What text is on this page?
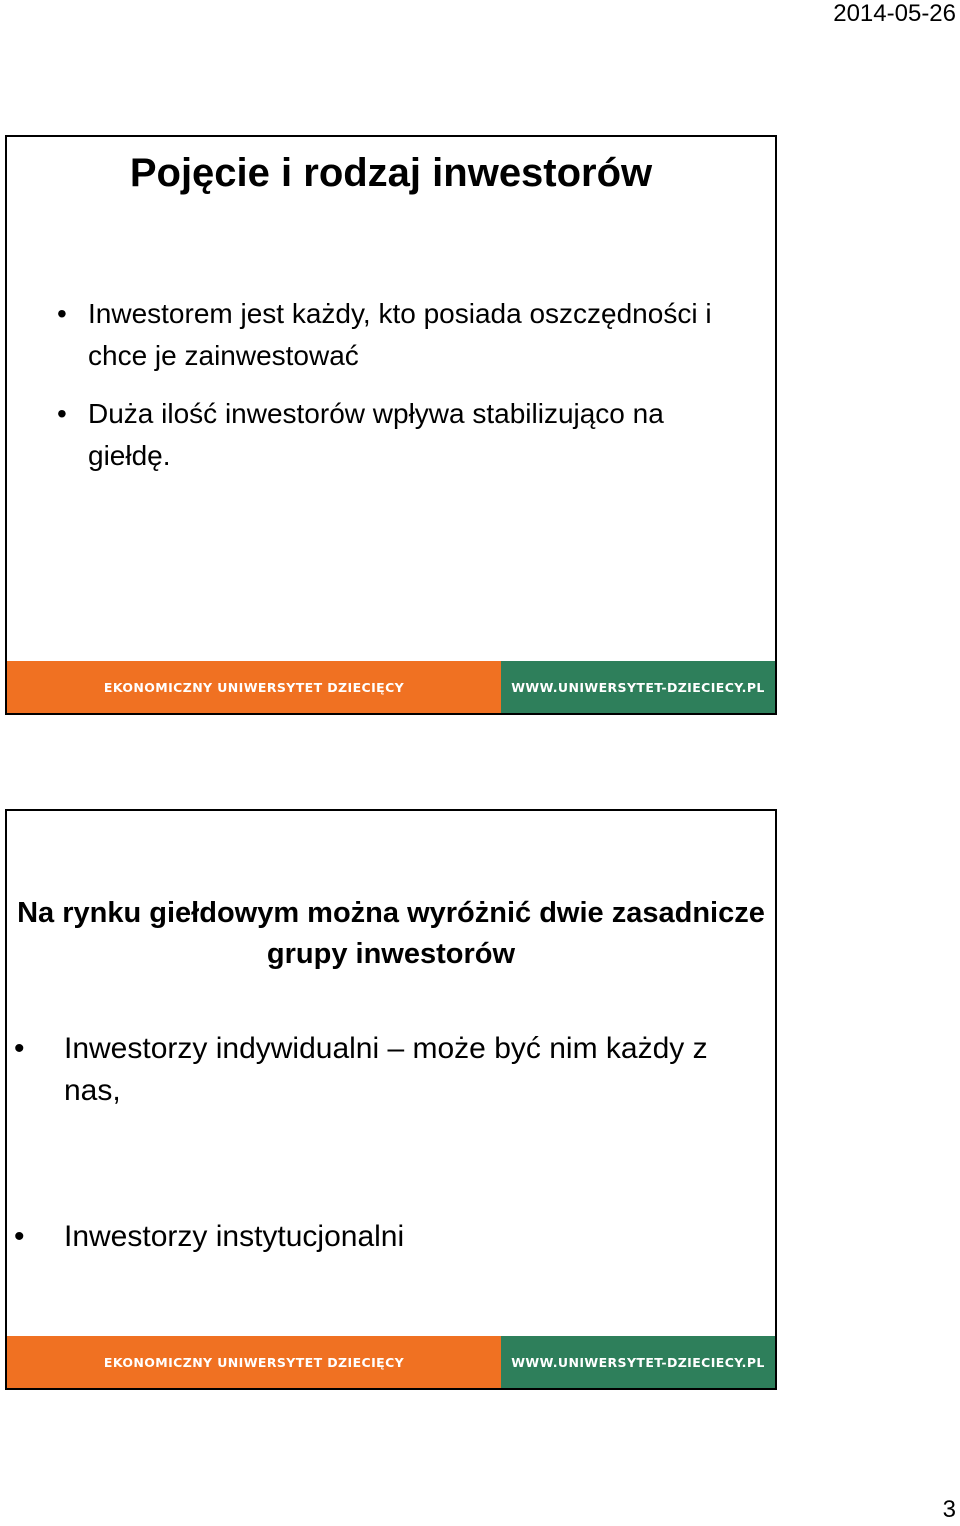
2014-05-26
Pojęcie i rodzaj inwestorów
• Inwestorem jest każdy, kto posiada oszczędności i chce je zainwestować
• Duża ilość inwestorów wpływa stabilizująco na giełdę.
EKONOMICZNY UNIWERSYTET DZIECIĘCY	WWW.UNIWERSYTET-DZIECIECY.PL
Na rynku giełdowym można wyróżnić dwie zasadnicze grupy inwestorów
• Inwestorzy indywidualni – może być nim każdy z nas,
• Inwestorzy instytucjonalni
EKONOMICZNY UNIWERSYTET DZIECIĘCY	WWW.UNIWERSYTET-DZIECIECY.PL
3
